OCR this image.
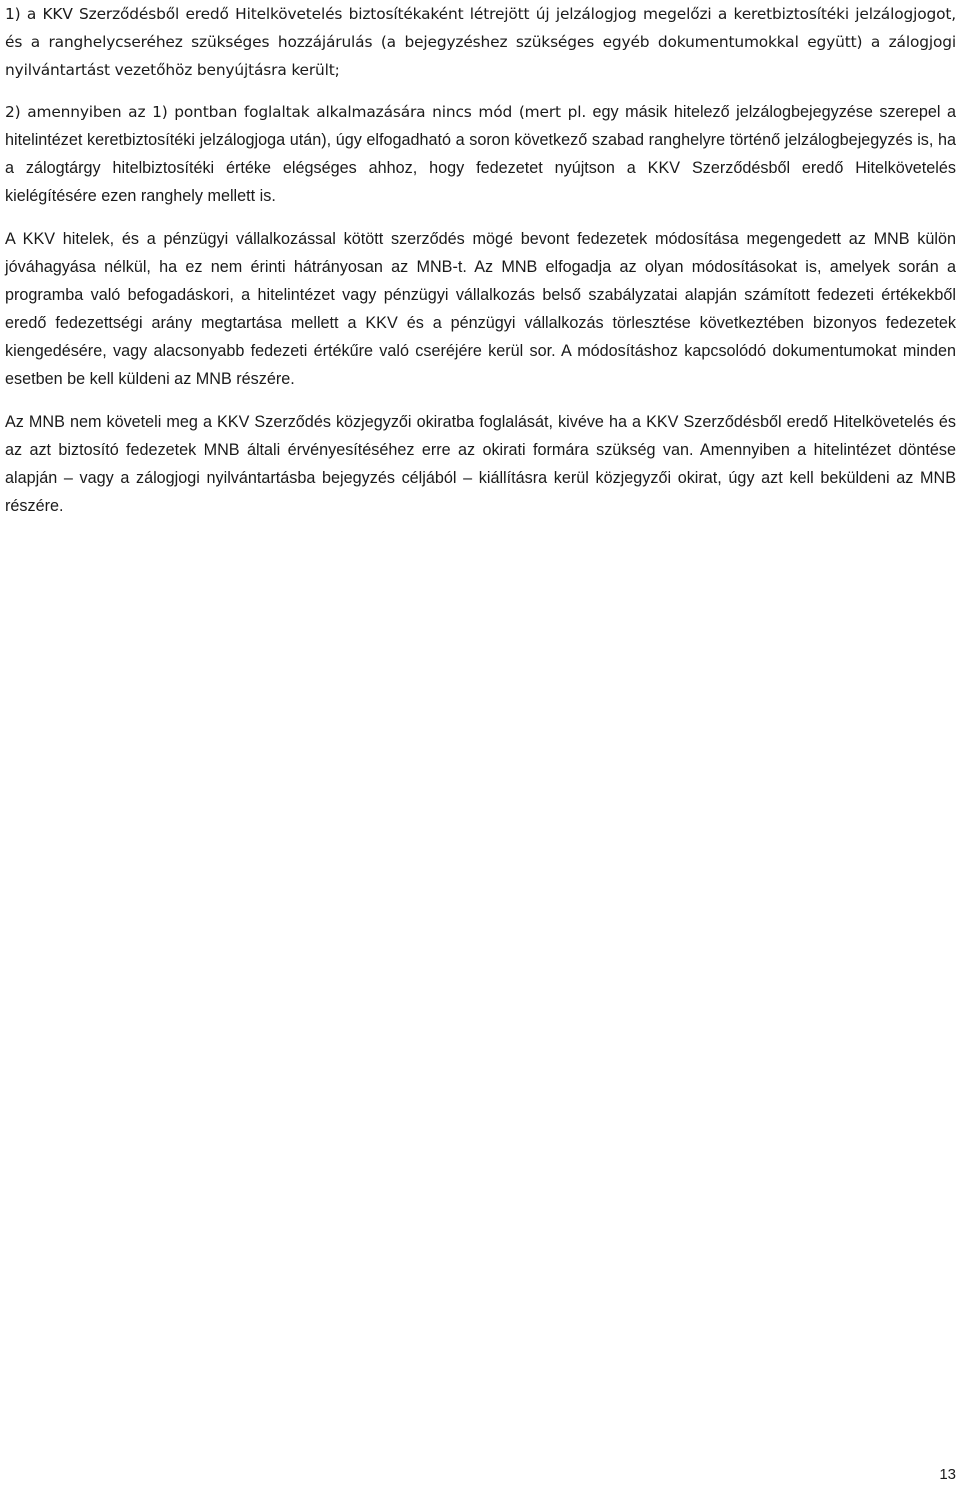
1) a KKV Szerződésből eredő Hitelkövetelés biztosítékaként létrejött új jelzálogjog megelőzi a keretbiztosítéki jelzálogjogot, és a ranghelycseréhez szükséges hozzájárulás (a bejegyzéshez szükséges egyéb dokumentumokkal együtt) a zálogjogi nyilvántartást vezetőhöz benyújtásra került;

2) amennyiben az 1) pontban foglaltak alkalmazására nincs mód (mert pl. egy másik hitelező jelzálogbejegyzése szerepel a hitelintézet keretbiztosítéki jelzálogjoga után), úgy elfogadható a soron következő szabad ranghelyre történő jelzálogbejegyzés is, ha a zálogtárgy hitelbiztosítéki értéke elégséges ahhoz, hogy fedezetet nyújtson a KKV Szerződésből eredő Hitelkövetelés kielégítésére ezen ranghely mellett is.

A KKV hitelek, és a pénzügyi vállalkozással kötött szerződés mögé bevont fedezetek módosítása megengedett az MNB külön jóváhagyása nélkül, ha ez nem érinti hátrányosan az MNB-t. Az MNB elfogadja az olyan módosításokat is, amelyek során a programba való befogadáskori, a hitelintézet vagy pénzügyi vállalkozás belső szabályzatai alapján számított fedezeti értékekből eredő fedezettségi arány megtartása mellett a KKV és a pénzügyi vállalkozás törlesztése következtében bizonyos fedezetek kiengedésére, vagy alacsonyabb fedezeti értékűre való cseréjére kerül sor. A módosításhoz kapcsolódó dokumentumokat minden esetben be kell küldeni az MNB részére.

Az MNB nem követeli meg a KKV Szerződés közjegyzői okiratba foglalását, kivéve ha a KKV Szerződésből eredő Hitelkövetelés és az azt biztosító fedezetek MNB általi érvényesítéséhez erre az okirati formára szükség van. Amennyiben a hitelintézet döntése alapján – vagy a zálogjogi nyilvántartásba bejegyzés céljából – kiállításra kerül közjegyzői okirat, úgy azt kell beküldeni az MNB részére.

13
